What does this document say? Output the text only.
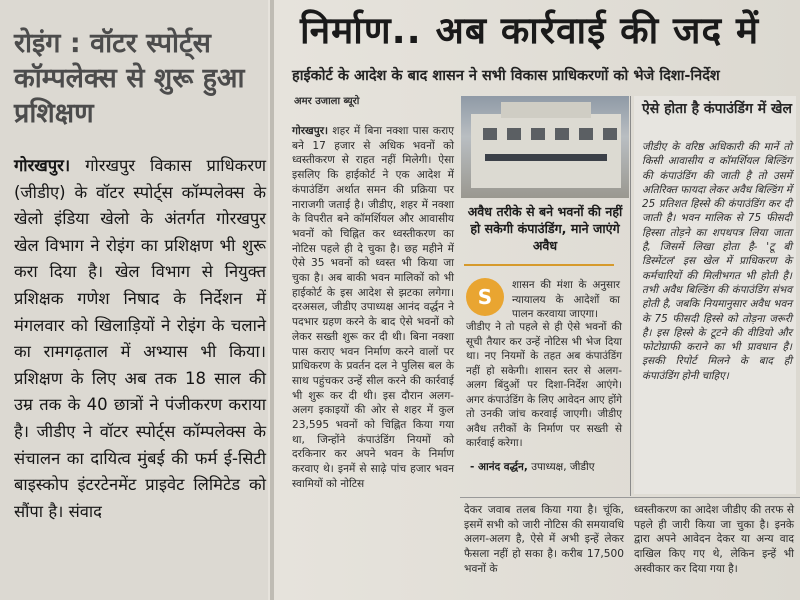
रोइंग : वॉटर स्पोर्ट्स कॉम्पलेक्स से शुरू हुआ प्रशिक्षण
गोरखपुर। गोरखपुर विकास प्राधिकरण (जीडीए) के वॉटर स्पोर्ट्स कॉम्पलेक्स के खेलो इंडिया खेलो के अंतर्गत गोरखपुर खेल विभाग ने रोइंग का प्रशिक्षण भी शुरू करा दिया है। खेल विभाग से नियुक्त प्रशिक्षक गणेश निषाद के निर्देशन में मंगलवार को खिलाड़ियों ने रोइंग के चलाने का रामगढ़ताल में अभ्यास भी किया। प्रशिक्षण के लिए अब तक 18 साल की उम्र तक के 40 छात्रों ने पंजीकरण कराया है। जीडीए ने वॉटर स्पोर्ट्स कॉम्पलेक्स के संचालन का दायित्व मुंबई की फर्म ई-सिटी बाइस्कोप इंटरटेनमेंट प्राइवेट लिमिटेड को सौंपा है। संवाद
निर्माण.. अब कार्रवाई की जद में
हाईकोर्ट के आदेश के बाद शासन ने सभी विकास प्राधिकरणों को भेजे दिशा-निर्देश
अमर उजाला ब्यूरो
गोरखपुर। शहर में बिना नक्शा पास कराए बने 17 हजार से अधिक भवनों को ध्वस्तीकरण से राहत नहीं मिलेगी। ऐसा इसलिए कि हाईकोर्ट ने एक आदेश में कंपाउंडिंग अर्थात समन की प्रक्रिया पर नाराजगी जताई है। जीडीए, शहर में नक्शा के विपरीत बने कॉमर्शियल और आवासीय भवनों को चिह्नित कर ध्वस्तीकरण का नोटिस पहले ही दे चुका है। छह महीने में ऐसे 35 भवनों को ध्वस्त भी किया जा चुका है। अब बाकी भवन मालिकों को भी हाईकोर्ट के इस आदेश से झटका लगेगा। दरअसल, जीडीए उपाध्यक्ष आनंद वर्द्धन ने पदभार ग्रहण करने के बाद ऐसे भवनों को लेकर सख्ती शुरू कर दी थी। बिना नक्शा पास कराए भवन निर्माण करने वालों पर प्राधिकरण के प्रवर्तन दल ने पुलिस बल के साथ पहुंचकर उन्हें सील करने की कार्रवाई भी शुरू कर दी थी। इस दौरान अलग-अलग इकाइयों की ओर से शहर में कुल 23,595 भवनों को चिह्नित किया गया था, जिन्होंने कंपाउंडिंग नियमों को दरकिनार कर अपने भवन के निर्माण करवाए थे। इनमें से साढ़े पांच हजार भवन स्वामियों को नोटिस
अवैध तरीके से बने भवनों की नहीं हो सकेगी कंपाउंडिंग, माने जाएंगे अवैध
S	शासन की मंशा के अनुसार न्यायालय के आदेशों का पालन करवाया जाएगा।
जीडीए ने तो पहले से ही ऐसे भवनों की सूची तैयार कर उन्हें नोटिस भी भेज दिया था। नए नियमों के तहत अब कंपाउंडिंग नहीं हो सकेगी। शासन स्तर से अलग-अलग बिंदुओं पर दिशा-निर्देश आएंगे। अगर कंपाउंडिंग के लिए आवेदन आए होंगे तो उनकी जांच करवाई जाएगी। जीडीए अवैध तरीकों के निर्माण पर सख्ती से कार्रवाई करेगा।
- आनंद वर्द्धन, उपाध्यक्ष, जीडीए
ऐसे होता है कंपाउंडिंग में खेल
जीडीए के वरिष्ठ अधिकारी की मानें तो किसी आवासीय व कॉमर्शियल बिल्डिंग की कंपाउंडिंग की जाती है तो उसमें अतिरिक्त फायदा लेकर अवैध बिल्डिंग में 25 प्रतिशत हिस्से की कंपाउंडिंग कर दी जाती है। भवन मालिक से 75 फीसदी हिस्सा तोड़ने का शपथपत्र लिया जाता है, जिसमें लिखा होता है- 'टू बी डिस्मेंटल' इस खेल में प्राधिकरण के कर्मचारियों की मिलीभगत भी होती है। तभी अवैध बिल्डिंग की कंपाउंडिंग संभव होती है, जबकि नियमानुसार अवैध भवन के 75 फीसदी हिस्से को तोड़ना जरूरी है। इस हिस्से के टूटने की वीडियो और फोटोग्राफी कराने का भी प्रावधान है। इसकी रिपोर्ट मिलने के बाद ही कंपाउंडिंग होनी चाहिए।
देकर जवाब तलब किया गया है। चूंकि, इसमें सभी को जारी नोटिस की समयावधि अलग-अलग है, ऐसे में अभी इन्हें लेकर फैसला नहीं हो सका है। करीब 17,500 भवनों के
ध्वस्तीकरण का आदेश जीडीए की तरफ से पहले ही जारी किया जा चुका है। इनके द्वारा अपने आवेदन देकर या अन्य वाद दाखिल किए गए थे, लेकिन इन्हें भी अस्वीकार कर दिया गया है।
